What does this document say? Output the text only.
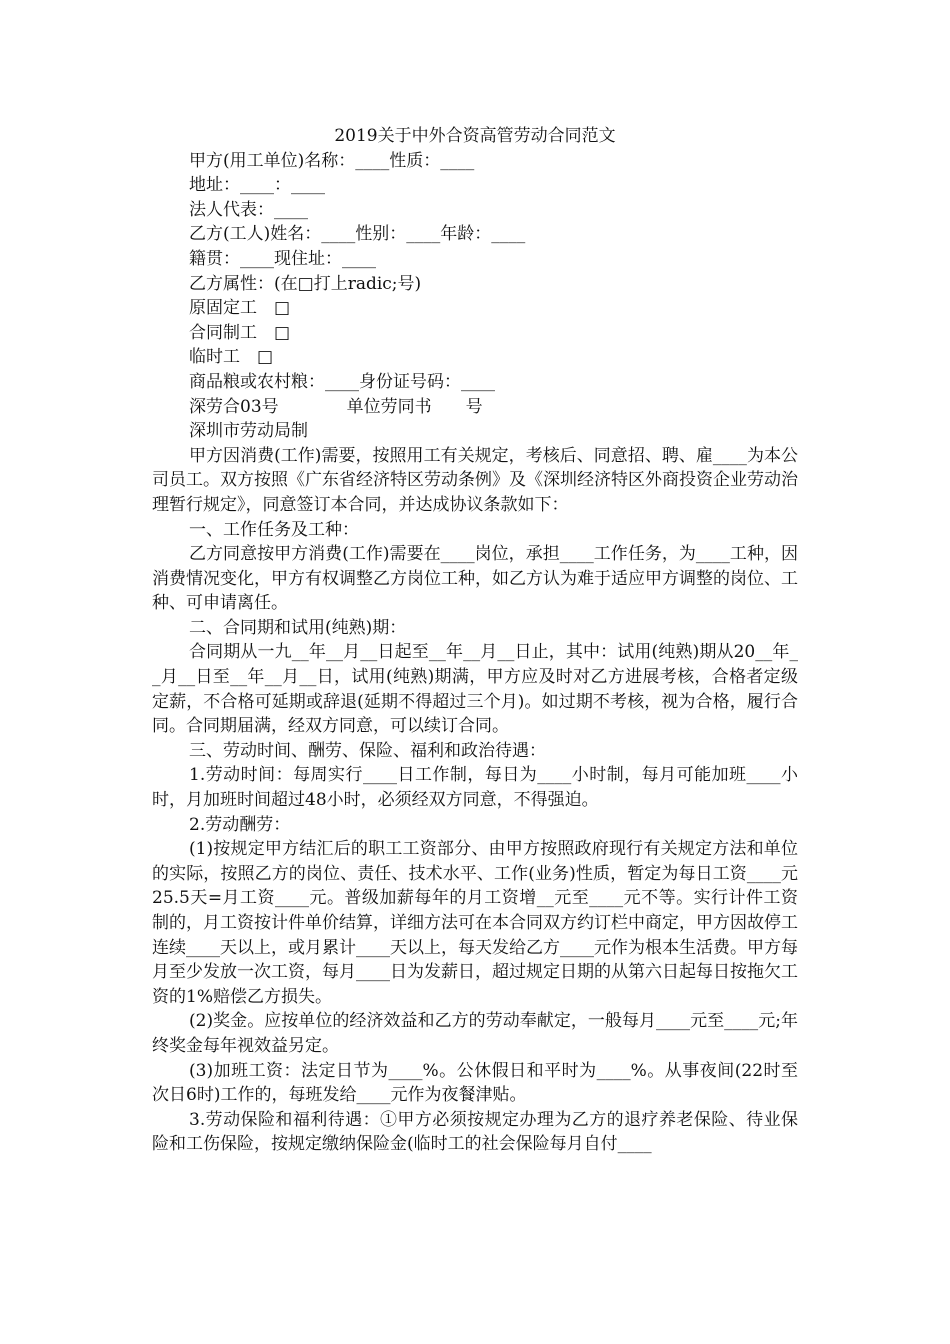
2019关于中外合资高管劳动合同范文
甲方(用工单位)名称：____性质：____
地址：____：____
法人代表：____
乙方(工人)姓名：____性别：____年龄：____
籍贯：____现住址：____
乙方属性：(在□打上radic;号)
原固定工　□
合同制工　□
临时工　□
商品粮或农村粮：____身份证号码：____
深劳合03号　　　　单位劳同书　　号
深圳市劳动局制
甲方因消费(工作)需要，按照用工有关规定，考核后、同意招、聘、雇____为本公司员工。双方按照《广东省经济特区劳动条例》及《深圳经济特区外商投资企业劳动治理暂行规定》，同意签订本合同，并达成协议条款如下：
一、工作任务及工种：
乙方同意按甲方消费(工作)需要在____岗位，承担____工作任务，为____工种，因消费情况变化，甲方有权调整乙方岗位工种，如乙方认为难于适应甲方调整的岗位、工种、可申请离任。
二、合同期和试用(纯熟)期：
合同期从一九__年__月__日起至__年__月__日止，其中：试用(纯熟)期从20__年__月__日至__年__月__日，试用(纯熟)期满，甲方应及时对乙方进展考核，合格者定级定薪，不合格可延期或辞退(延期不得超过三个月)。如过期不考核，视为合格，履行合同。合同期届满，经双方同意，可以续订合同。
三、劳动时间、酬劳、保险、福利和政治待遇：
1.劳动时间：每周实行____日工作制，每日为____小时制，每月可能加班____小时，月加班时间超过48小时，必须经双方同意，不得强迫。
2.劳动酬劳：
(1)按规定甲方结汇后的职工工资部分、由甲方按照政府现行有关规定方法和单位的实际，按照乙方的岗位、责任、技术水平、工作(业务)性质，暂定为每日工资____元25.5天=月工资____元。普级加薪每年的月工资增__元至____元不等。实行计件工资制的，月工资按计件单价结算，详细方法可在本合同双方约订栏中商定，甲方因故停工连续____天以上，或月累计____天以上，每天发给乙方____元作为根本生活费。甲方每月至少发放一次工资，每月____日为发薪日，超过规定日期的从第六日起每日按拖欠工资的1%赔偿乙方损失。
(2)奖金。应按单位的经济效益和乙方的劳动奉献定，一般每月____元至____元;年终奖金每年视效益另定。
(3)加班工资：法定日节为____%。公休假日和平时为____%。从事夜间(22时至次日6时)工作的，每班发给____元作为夜餐津贴。
3.劳动保险和福利待遇：①甲方必须按规定办理为乙方的退疗养老保险、待业保险和工伤保险，按规定缴纳保险金(临时工的社会保险每月自付____
